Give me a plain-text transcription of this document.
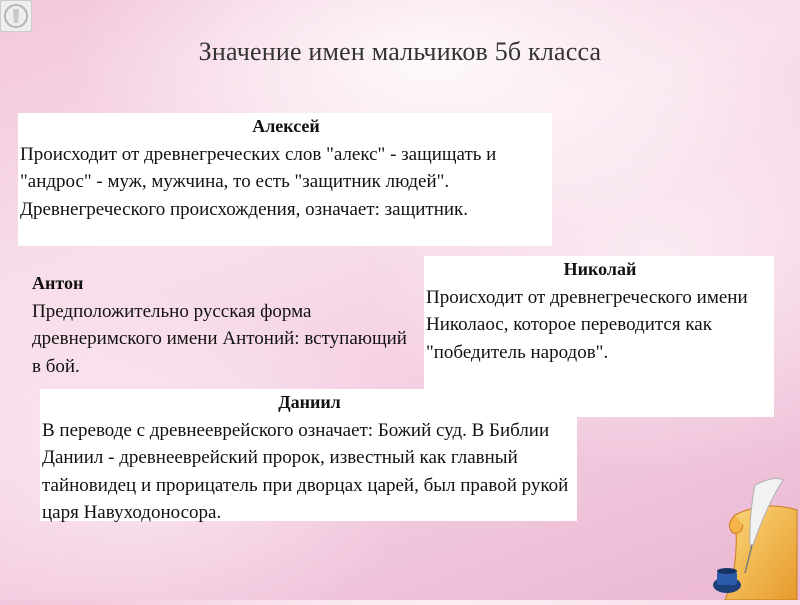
Значение имен мальчиков 5б класса
Алексей
Происходит от древнегреческих слов "алекс" - защищать и "андрос" - муж, мужчина, то есть "защитник людей". Древнегреческого происхождения, означает: защитник.
Антон
Предположительно русская форма древнеримского имени Антоний: вступающий в бой.
Николай
Происходит от древнегреческого имени Николаос, которое переводится как "победитель народов".
Даниил
В переводе с древнееврейского означает: Божий суд. В Библии Даниил - древнееврейский пророк, известный как главный тайновидец и прорицатель при дворцах царей, был правой рукой царя Навуходоносора.
